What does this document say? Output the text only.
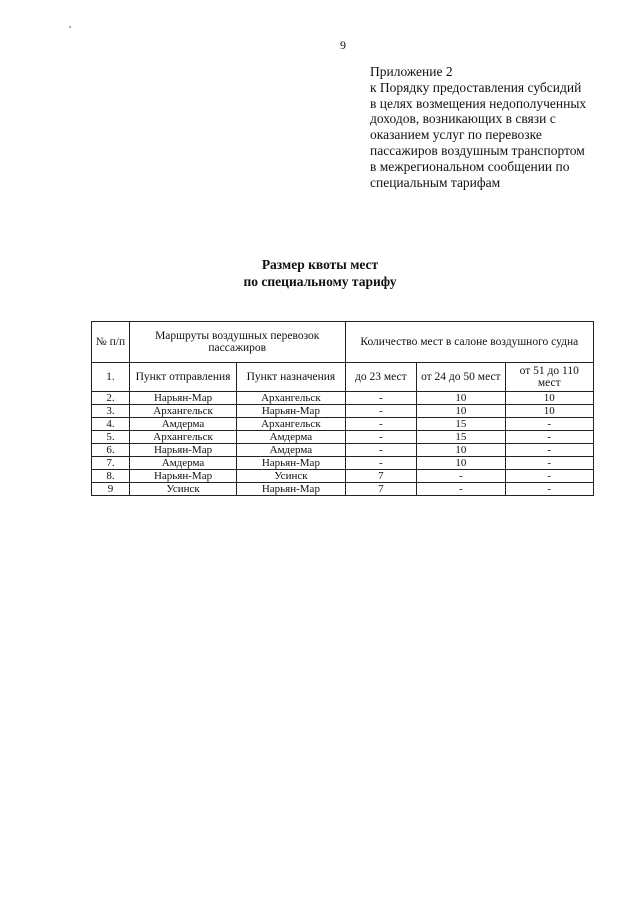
9
Приложение 2
к Порядку предоставления субсидий
в целях возмещения недополученных
доходов, возникающих в связи с
оказанием услуг по перевозке
пассажиров воздушным транспортом
в межрегиональном сообщении по
специальным тарифам
Размер квоты мест
по специальному тарифу
№ п/п	Маршруты воздушных перевозок пассажиров		Количество мест в салоне воздушного судна		
1.	Пункт отправления	Пункт назначения	до 23 мест	от 24 до 50 мест	от 51 до 110 мест
2.	Нарьян-Мар	Архангельск	-	10	10
3.	Архангельск	Нарьян-Мар	-	10	10
4.	Амдерма	Архангельск	-	15	-
5.	Архангельск	Амдерма	-	15	-
6.	Нарьян-Мар	Амдерма	-	10	-
7.	Амдерма	Нарьян-Мар	-	10	-
8.	Нарьян-Мар	Усинск	7	-	-
9	Усинск	Нарьян-Мар	7	-	-
